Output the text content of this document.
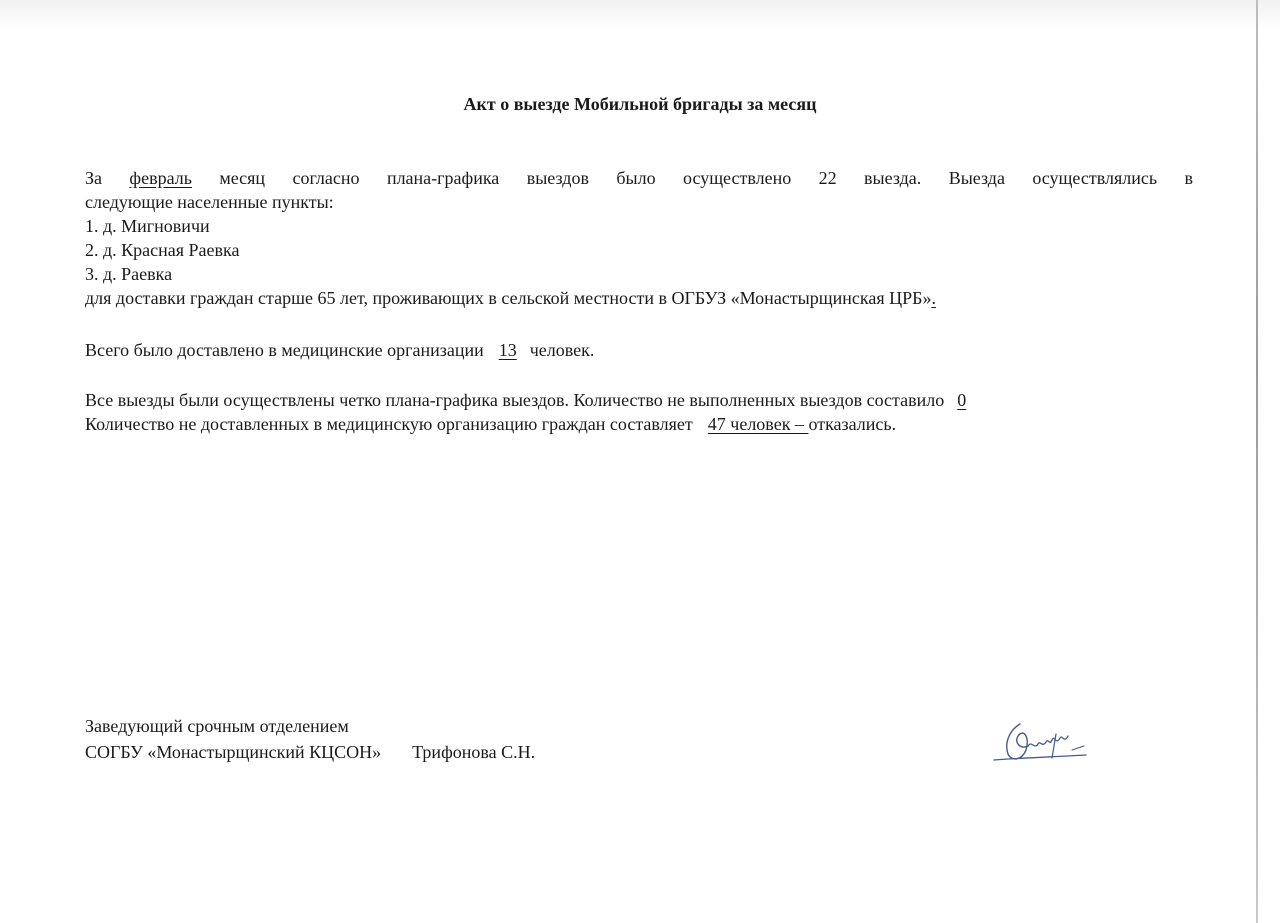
Акт о выезде Мобильной бригады за месяц
За февраль месяц согласно плана-графика выездов было осуществлено 22 выезда. Выезда осуществлялись в
следующие населенные пункты:
1. д. Мигновичи
2. д. Красная Раевка
3. д. Раевка
для доставки граждан старше 65 лет, проживающих в сельской местности в ОГБУЗ «Монастырщинская ЦРБ».
Всего было доставлено в медицинские организации 13 человек.
Все выезды были осуществлены четко плана-графика выездов. Количество не выполненных выездов составило 0
Количество не доставленных в медицинскую организацию граждан составляет 47 человек – отказались.
Заведующий срочным отделением
СОГБУ «Монастырщинский КЦСОН» Трифонова С.Н.
